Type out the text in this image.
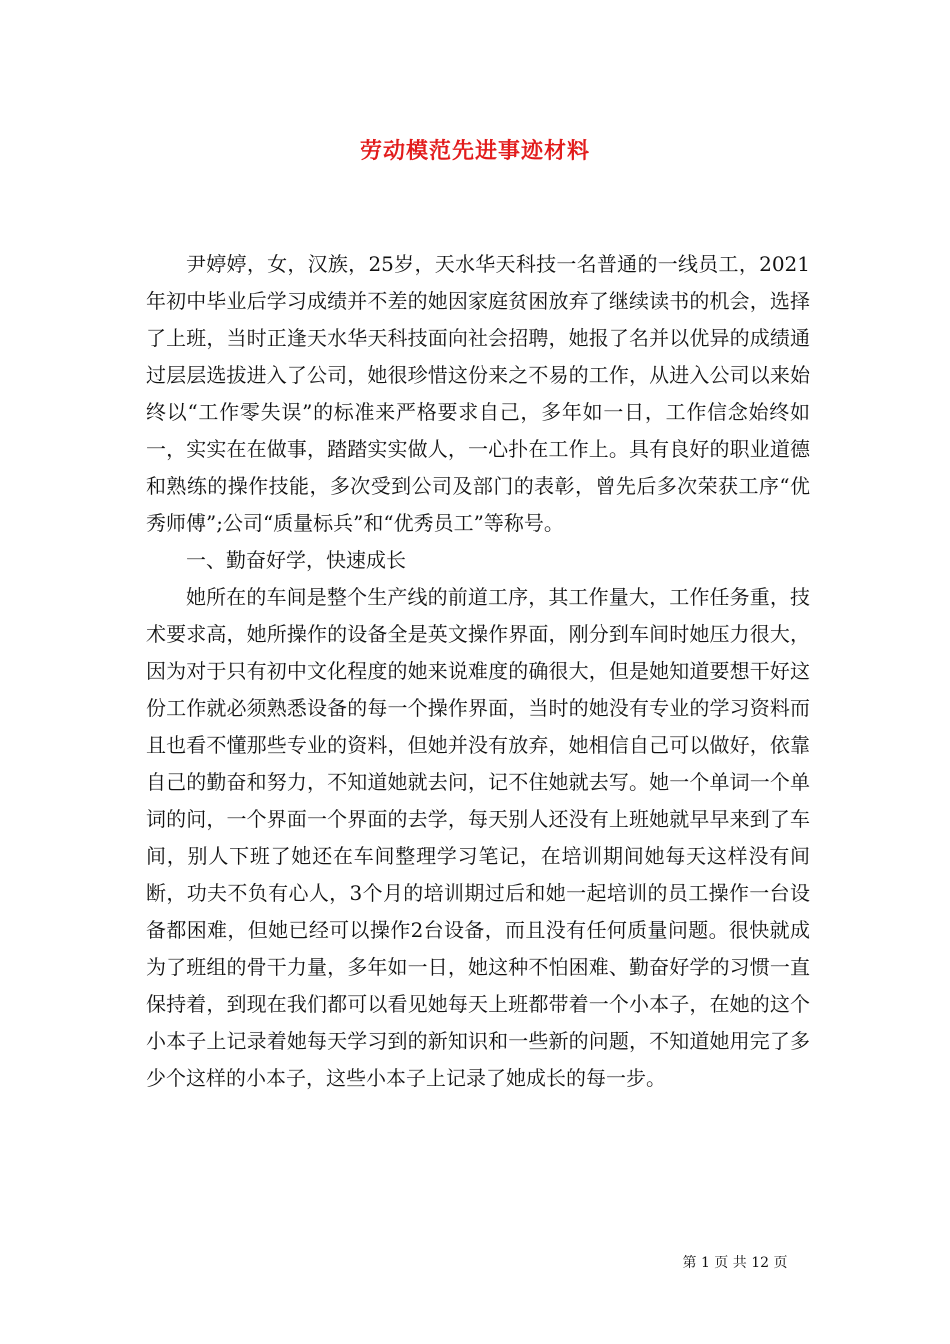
劳动模范先进事迹材料

尹婷婷，女，汉族，25岁，天水华天科技一名普通的一线员工，2021年初中毕业后学习成绩并不差的她因家庭贫困放弃了继续读书的机会，选择了上班，当时正逢天水华天科技面向社会招聘，她报了名并以优异的成绩通过层层选拔进入了公司，她很珍惜这份来之不易的工作，从进入公司以来始终以“工作零失误”的标准来严格要求自己，多年如一日，工作信念始终如一，实实在在做事，踏踏实实做人，一心扑在工作上。具有良好的职业道德和熟练的操作技能，多次受到公司及部门的表彰，曾先后多次荣获工序“优秀师傅”;公司“质量标兵”和“优秀员工”等称号。

一、勤奋好学，快速成长

她所在的车间是整个生产线的前道工序，其工作量大，工作任务重，技术要求高，她所操作的设备全是英文操作界面，刚分到车间时她压力很大，因为对于只有初中文化程度的她来说难度的确很大，但是她知道要想干好这份工作就必须熟悉设备的每一个操作界面，当时的她没有专业的学习资料而且也看不懂那些专业的资料，但她并没有放弃，她相信自己可以做好，依靠自己的勤奋和努力，不知道她就去问，记不住她就去写。她一个单词一个单词的问，一个界面一个界面的去学，每天别人还没有上班她就早早来到了车间，别人下班了她还在车间整理学习笔记，在培训期间她每天这样没有间断，功夫不负有心人，3个月的培训期过后和她一起培训的员工操作一台设备都困难，但她已经可以操作2台设备，而且没有任何质量问题。很快就成为了班组的骨干力量，多年如一日，她这种不怕困难、勤奋好学的习惯一直保持着，到现在我们都可以看见她每天上班都带着一个小本子，在她的这个小本子上记录着她每天学习到的新知识和一些新的问题，不知道她用完了多少个这样的小本子，这些小本子上记录了她成长的每一步。

第 1 页 共 12 页
